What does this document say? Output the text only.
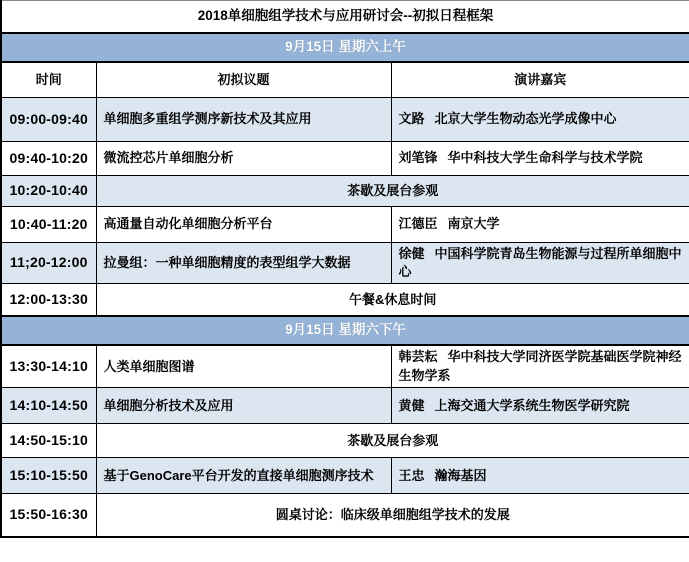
2018单细胞组学技术与应用研讨会--初拟日程框架		
9月15日 星期六上午		
时间	初拟议题	演讲嘉宾
09:00-09:40	单细胞多重组学测序新技术及其应用	文路 北京大学生物动态光学成像中心
09:40-10:20	微流控芯片单细胞分析	刘笔锋 华中科技大学生命科学与技术学院
10:20-10:40	茶歇及展台参观	
10:40-11:20	高通量自动化单细胞分析平台	江德臣 南京大学
11;20-12:00	拉曼组：一种单细胞精度的表型组学大数据	徐健 中国科学院青岛生物能源与过程所单细胞中心
12:00-13:30	午餐&休息时间	
9月15日 星期六下午		
13:30-14:10	人类单细胞图谱	韩芸耘 华中科技大学同济医学院基础医学院神经生物学系
14:10-14:50	单细胞分析技术及应用	黄健 上海交通大学系统生物医学研究院
14:50-15:10	茶歇及展台参观	
15:10-15:50	基于GenoCare平台开发的直接单细胞测序技术	王忠 瀚海基因
15:50-16:30	圆桌讨论：临床级单细胞组学技术的发展	
